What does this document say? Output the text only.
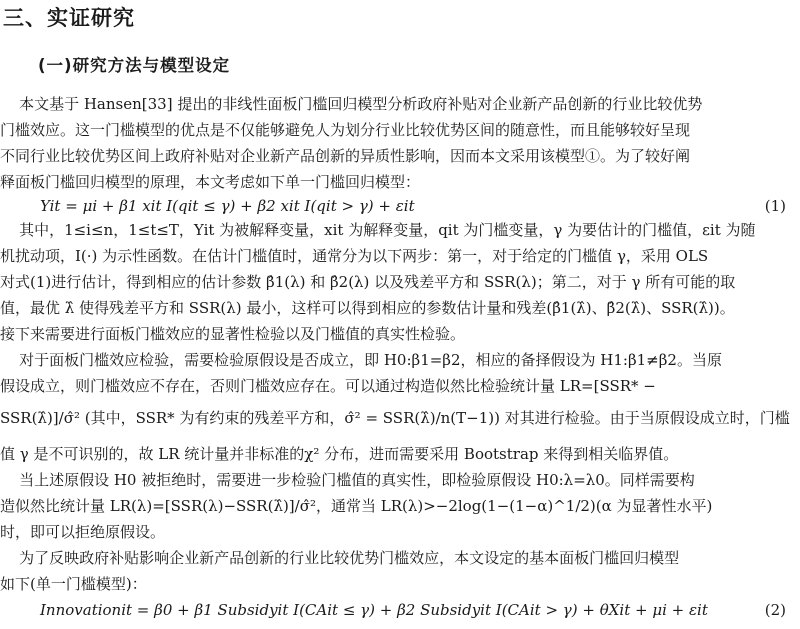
三、实证研究
(一)研究方法与模型设定
本文基于 Hansen[33] 提出的非线性面板门槛回归模型分析政府补贴对企业新产品创新的行业比较优势
门槛效应。这一门槛模型的优点是不仅能够避免人为划分行业比较优势区间的随意性，而且能够较好呈现
不同行业比较优势区间上政府补贴对企业新产品创新的异质性影响，因而本文采用该模型①。为了较好阐
释面板门槛回归模型的原理，本文考虑如下单一门槛回归模型：
Yit = μi + β1 xit I(qit ≤ γ) + β2 xit I(qit > γ) + εit	(1)
其中，1≤i≤n，1≤t≤T，Yit 为被解释变量，xit 为解释变量，qit 为门槛变量，γ 为要估计的门槛值，εit 为随
机扰动项，I(·) 为示性函数。在估计门槛值时，通常分为以下两步：第一，对于给定的门槛值 γ，采用 OLS
对式(1)进行估计，得到相应的估计参数 β̂1(λ) 和 β̂2(λ) 以及残差平方和 SSR(λ)；第二，对于 γ 所有可能的取
值，最优 λ̂ 使得残差平方和 SSR(λ) 最小，这样可以得到相应的参数估计量和残差(β̂1(λ̂)、β̂2(λ̂)、SSR(λ̂))。
接下来需要进行面板门槛效应的显著性检验以及门槛值的真实性检验。
对于面板门槛效应检验，需要检验原假设是否成立，即 H0:β1=β2，相应的备择假设为 H1:β1≠β2。当原
假设成立，则门槛效应不存在，否则门槛效应存在。可以通过构造似然比检验统计量 LR=[SSR* −
SSR(λ̂)]/σ̂² (其中，SSR* 为有约束的残差平方和，σ̂² = SSR(λ̂)/n(T−1)) 对其进行检验。由于当原假设成立时，门槛
值 γ 是不可识别的，故 LR 统计量并非标准的χ² 分布，进而需要采用 Bootstrap 来得到相关临界值。
当上述原假设 H0 被拒绝时，需要进一步检验门槛值的真实性，即检验原假设 H0:λ=λ0。同样需要构
造似然比统计量 LR(λ)=[SSR(λ)−SSR(λ̂)]/σ̂²，通常当 LR(λ)>−2log(1−(1−α)^1/2)(α 为显著性水平)
时，即可以拒绝原假设。
为了反映政府补贴影响企业新产品创新的行业比较优势门槛效应，本文设定的基本面板门槛回归模型
如下(单一门槛模型)：
Innovationit = β0 + β1 Subsidyit I(CAit ≤ γ) + β2 Subsidyit I(CAit > γ) + θXit + μi + εit	(2)
